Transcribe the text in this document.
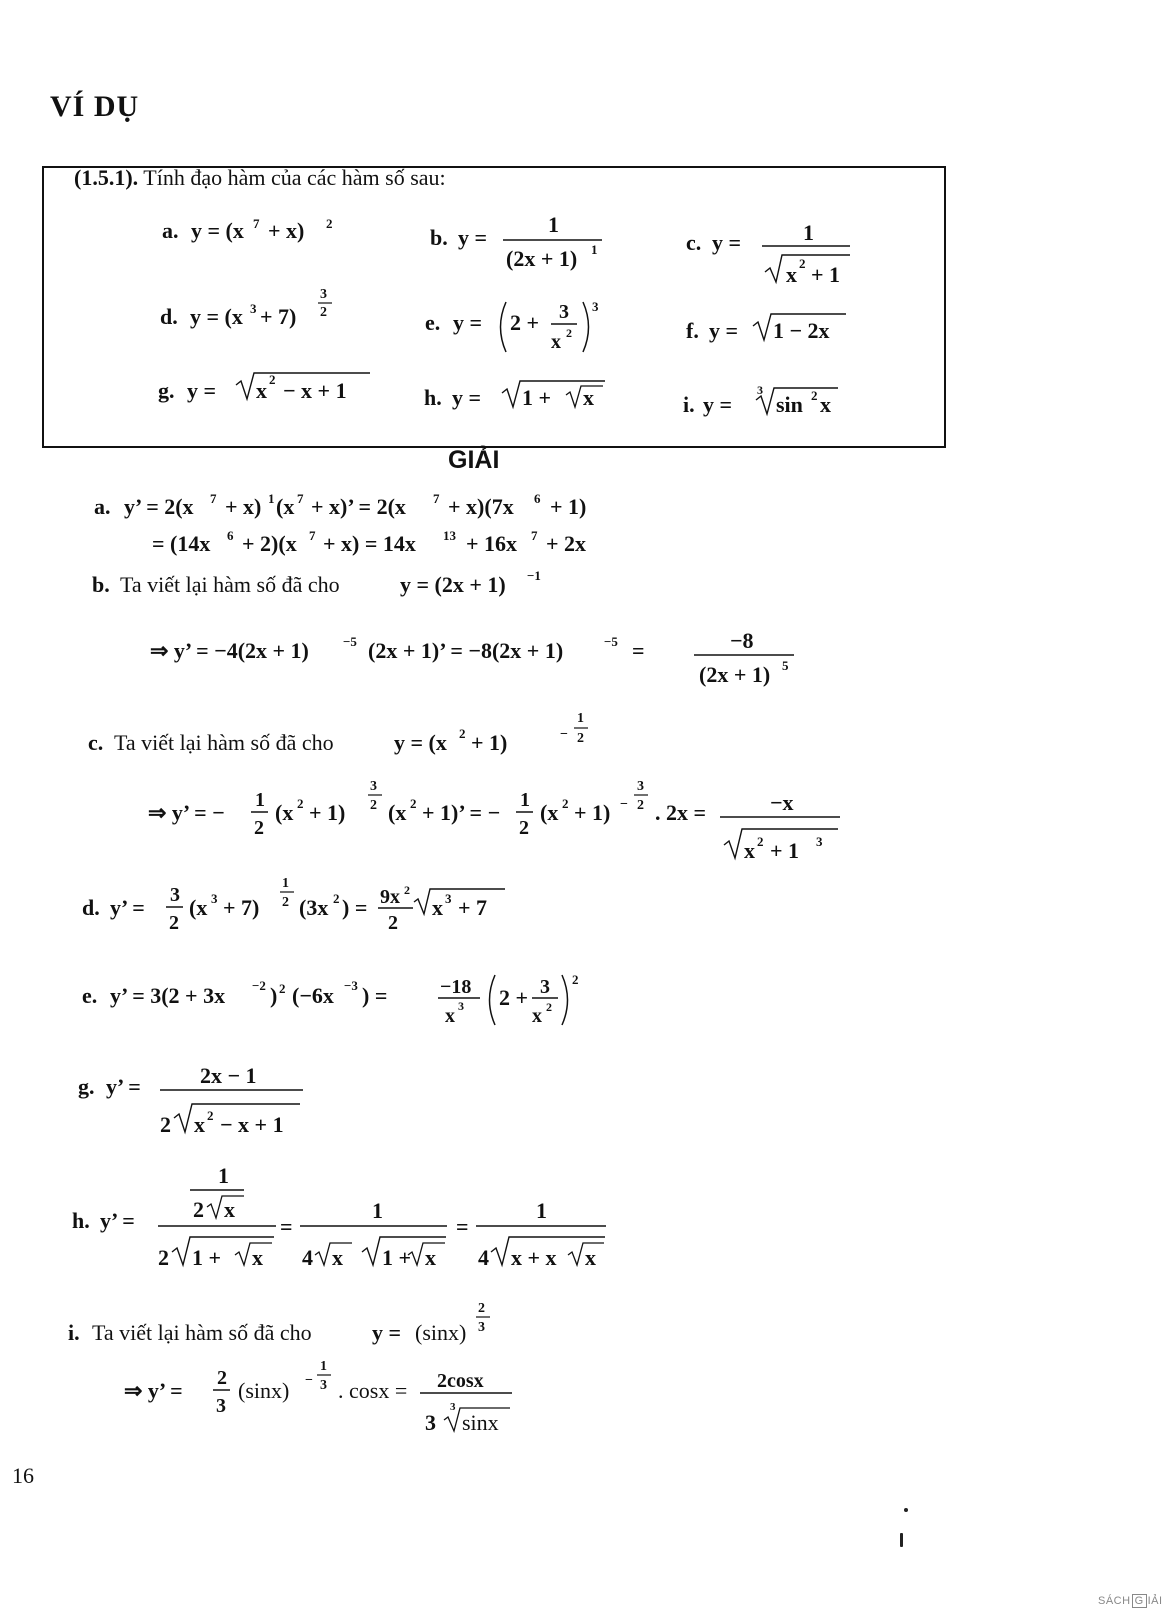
VÍ DỤ
(1.5.1). Tính đạo hàm của các hàm số sau:
a. y = (x 7 + x) 2
b. y =
1
(2x + 1) 1	c. y =	1
x 2 + 1
d. y = (x 3 + 7)
3
2	e. y = 2 + 3
x 2
3
f. y = 1 − 2x
g. y = x 2 − x + 1	h. y = 1 + x	i. y =
3
sin 2 x
a. y’ = 2(x 7 + x) 1 (x 7 + x)’ = 2(x 7 + x)(7x 6 + 1)
= (14x 6 + 2)(x 7 + x) = 14x 13 + 16x 7 + 2x
b. Ta viết lại hàm số đã cho	y = (2x + 1) −1
⇒ y’ = −4(2x + 1)	−5 (2x + 1)’ = −8(2x + 1)	−5 =	−8
(2x + 1) 5
c. Ta viết lại hàm số đã cho	y = (x 2 + 1)	−
1
2
⇒ y’ = − 1
2
(x 2 + 1)
3
2 (x 2 + 1)’ = − 1
2
(x 2 + 1) −
3
2 . 2x =	−x
x 2 + 1 3
d. y’ = 3
2
(x 3 + 7)
1
2 (3x 2 ) = 9x 2
2
x 3 + 7
e. y’ = 3(2 + 3x −2 ) 2 (−6x −3 ) =	−18
x 3 2 + 3
x 2
2
g. y’ =	2x − 1
2 x 2 − x + 1
h. y’ =
1
2 x
2 1 + x
=
1
4 x 1 + x
=
1
4 x + x x
i. Ta viết lại hàm số đã cho	y = (sinx)
2
3
⇒ y’ = 2
3
(sinx) −
1
3 . cosx = 2cosx
3
3
sinx
GIẢI
16
SÁCH G IẢI
